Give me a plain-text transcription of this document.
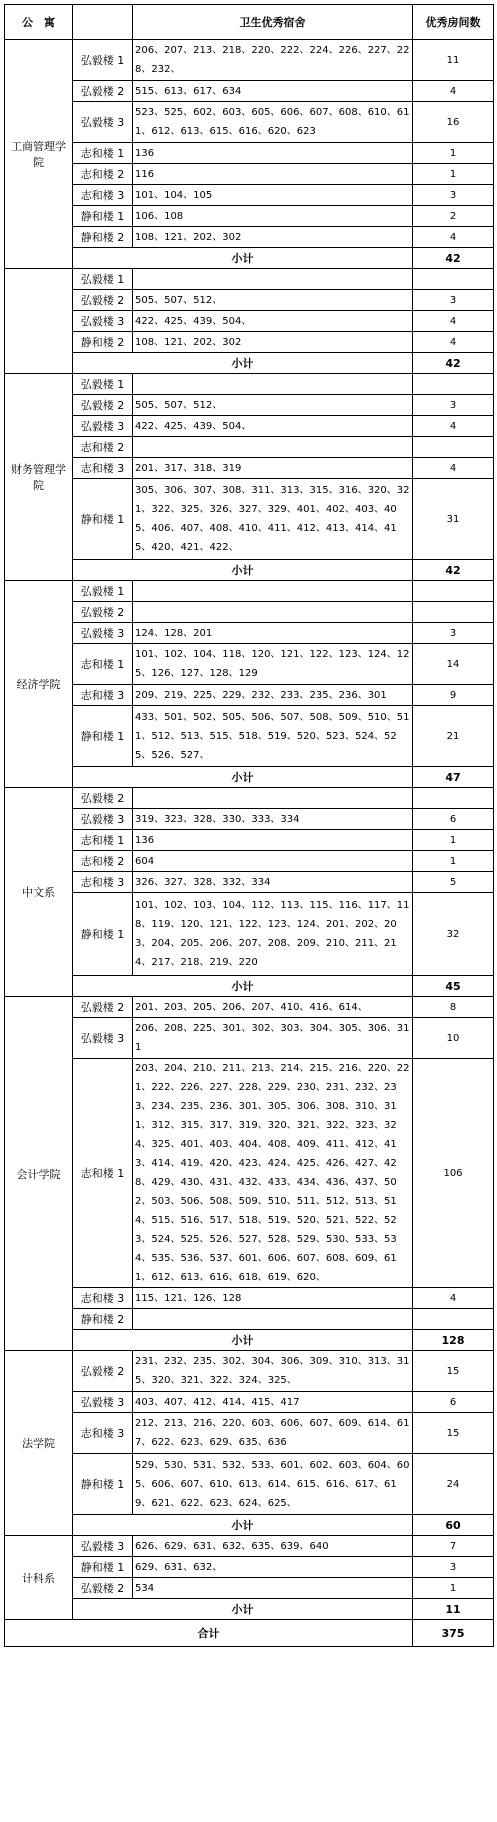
公　寓		卫生优秀宿舍	优秀房间数
工商管理学院	弘毅楼 1	206、207、213、218、220、222、224、226、227、228、232、	11
	弘毅楼 2	515、613、617、634	4
	弘毅楼 3	523、525、602、603、605、606、607、608、610、611、612、613、615、616、620、623	16
	志和楼 1	136	1
	志和楼 2	116	1
	志和楼 3	101、104、105	3
	静和楼 1	106、108	2
	静和楼 2	108、121、202、302	4
	小计		42
	弘毅楼 1		
	弘毅楼 2	505、507、512、	3
	弘毅楼 3	422、425、439、504、	4
	静和楼 2	108、121、202、302	4
	小计		42
财务管理学院	弘毅楼 1		
	弘毅楼 2	505、507、512、	3
	弘毅楼 3	422、425、439、504、	4
	志和楼 2		
	志和楼 3	201、317、318、319	4
	静和楼 1	305、306、307、308、311、313、315、316、320、321、322、325、326、327、329、401、402、403、405、406、407、408、410、411、412、413、414、415、420、421、422、	31
	小计		42
经济学院	弘毅楼 1		
	弘毅楼 2		
	弘毅楼 3	124、128、201	3
	志和楼 1	101、102、104、118、120、121、122、123、124、125、126、127、128、129	14
	志和楼 3	209、219、225、229、232、233、235、236、301	9
	静和楼 1	433、501、502、505、506、507、508、509、510、511、512、513、515、518、519、520、523、524、525、526、527、	21
	小计		47
中文系	弘毅楼 2		
	弘毅楼 3	319、323、328、330、333、334	6
	志和楼 1	136	1
	志和楼 2	604	1
	志和楼 3	326、327、328、332、334	5
	静和楼 1	101、102、103、104、112、113、115、116、117、118、119、120、121、122、123、124、201、202、203、204、205、206、207、208、209、210、211、214、217、218、219、220	32
	小计		45
会计学院	弘毅楼 2	201、203、205、206、207、410、416、614、	8
	弘毅楼 3	206、208、225、301、302、303、304、305、306、311	10
	志和楼 1	203、204、210、211、213、214、215、216、220、221、222、226、227、228、229、230、231、232、233、234、235、236、301、305、306、308、310、311、312、315、317、319、320、321、322、323、324、325、401、403、404、408、409、411、412、413、414、419、420、423、424、425、426、427、428、429、430、431、432、433、434、436、437、502、503、506、508、509、510、511、512、513、514、515、516、517、518、519、520、521、522、523、524、525、526、527、528、529、530、533、534、535、536、537、601、606、607、608、609、611、612、613、616、618、619、620、	106
	志和楼 3	115、121、126、128	4
	静和楼 2		
	小计		128
法学院	弘毅楼 2	231、232、235、302、304、306、309、310、313、315、320、321、322、324、325、	15
	弘毅楼 3	403、407、412、414、415、417	6
	志和楼 3	212、213、216、220、603、606、607、609、614、617、622、623、629、635、636	15
	静和楼 1	529、530、531、532、533、601、602、603、604、605、606、607、610、613、614、615、616、617、619、621、622、623、624、625、	24
	小计		60
计科系	弘毅楼 3	626、629、631、632、635、639、640	7
	静和楼 1	629、631、632、	3
	弘毅楼 2	534	1
	小计		11
合计			375
